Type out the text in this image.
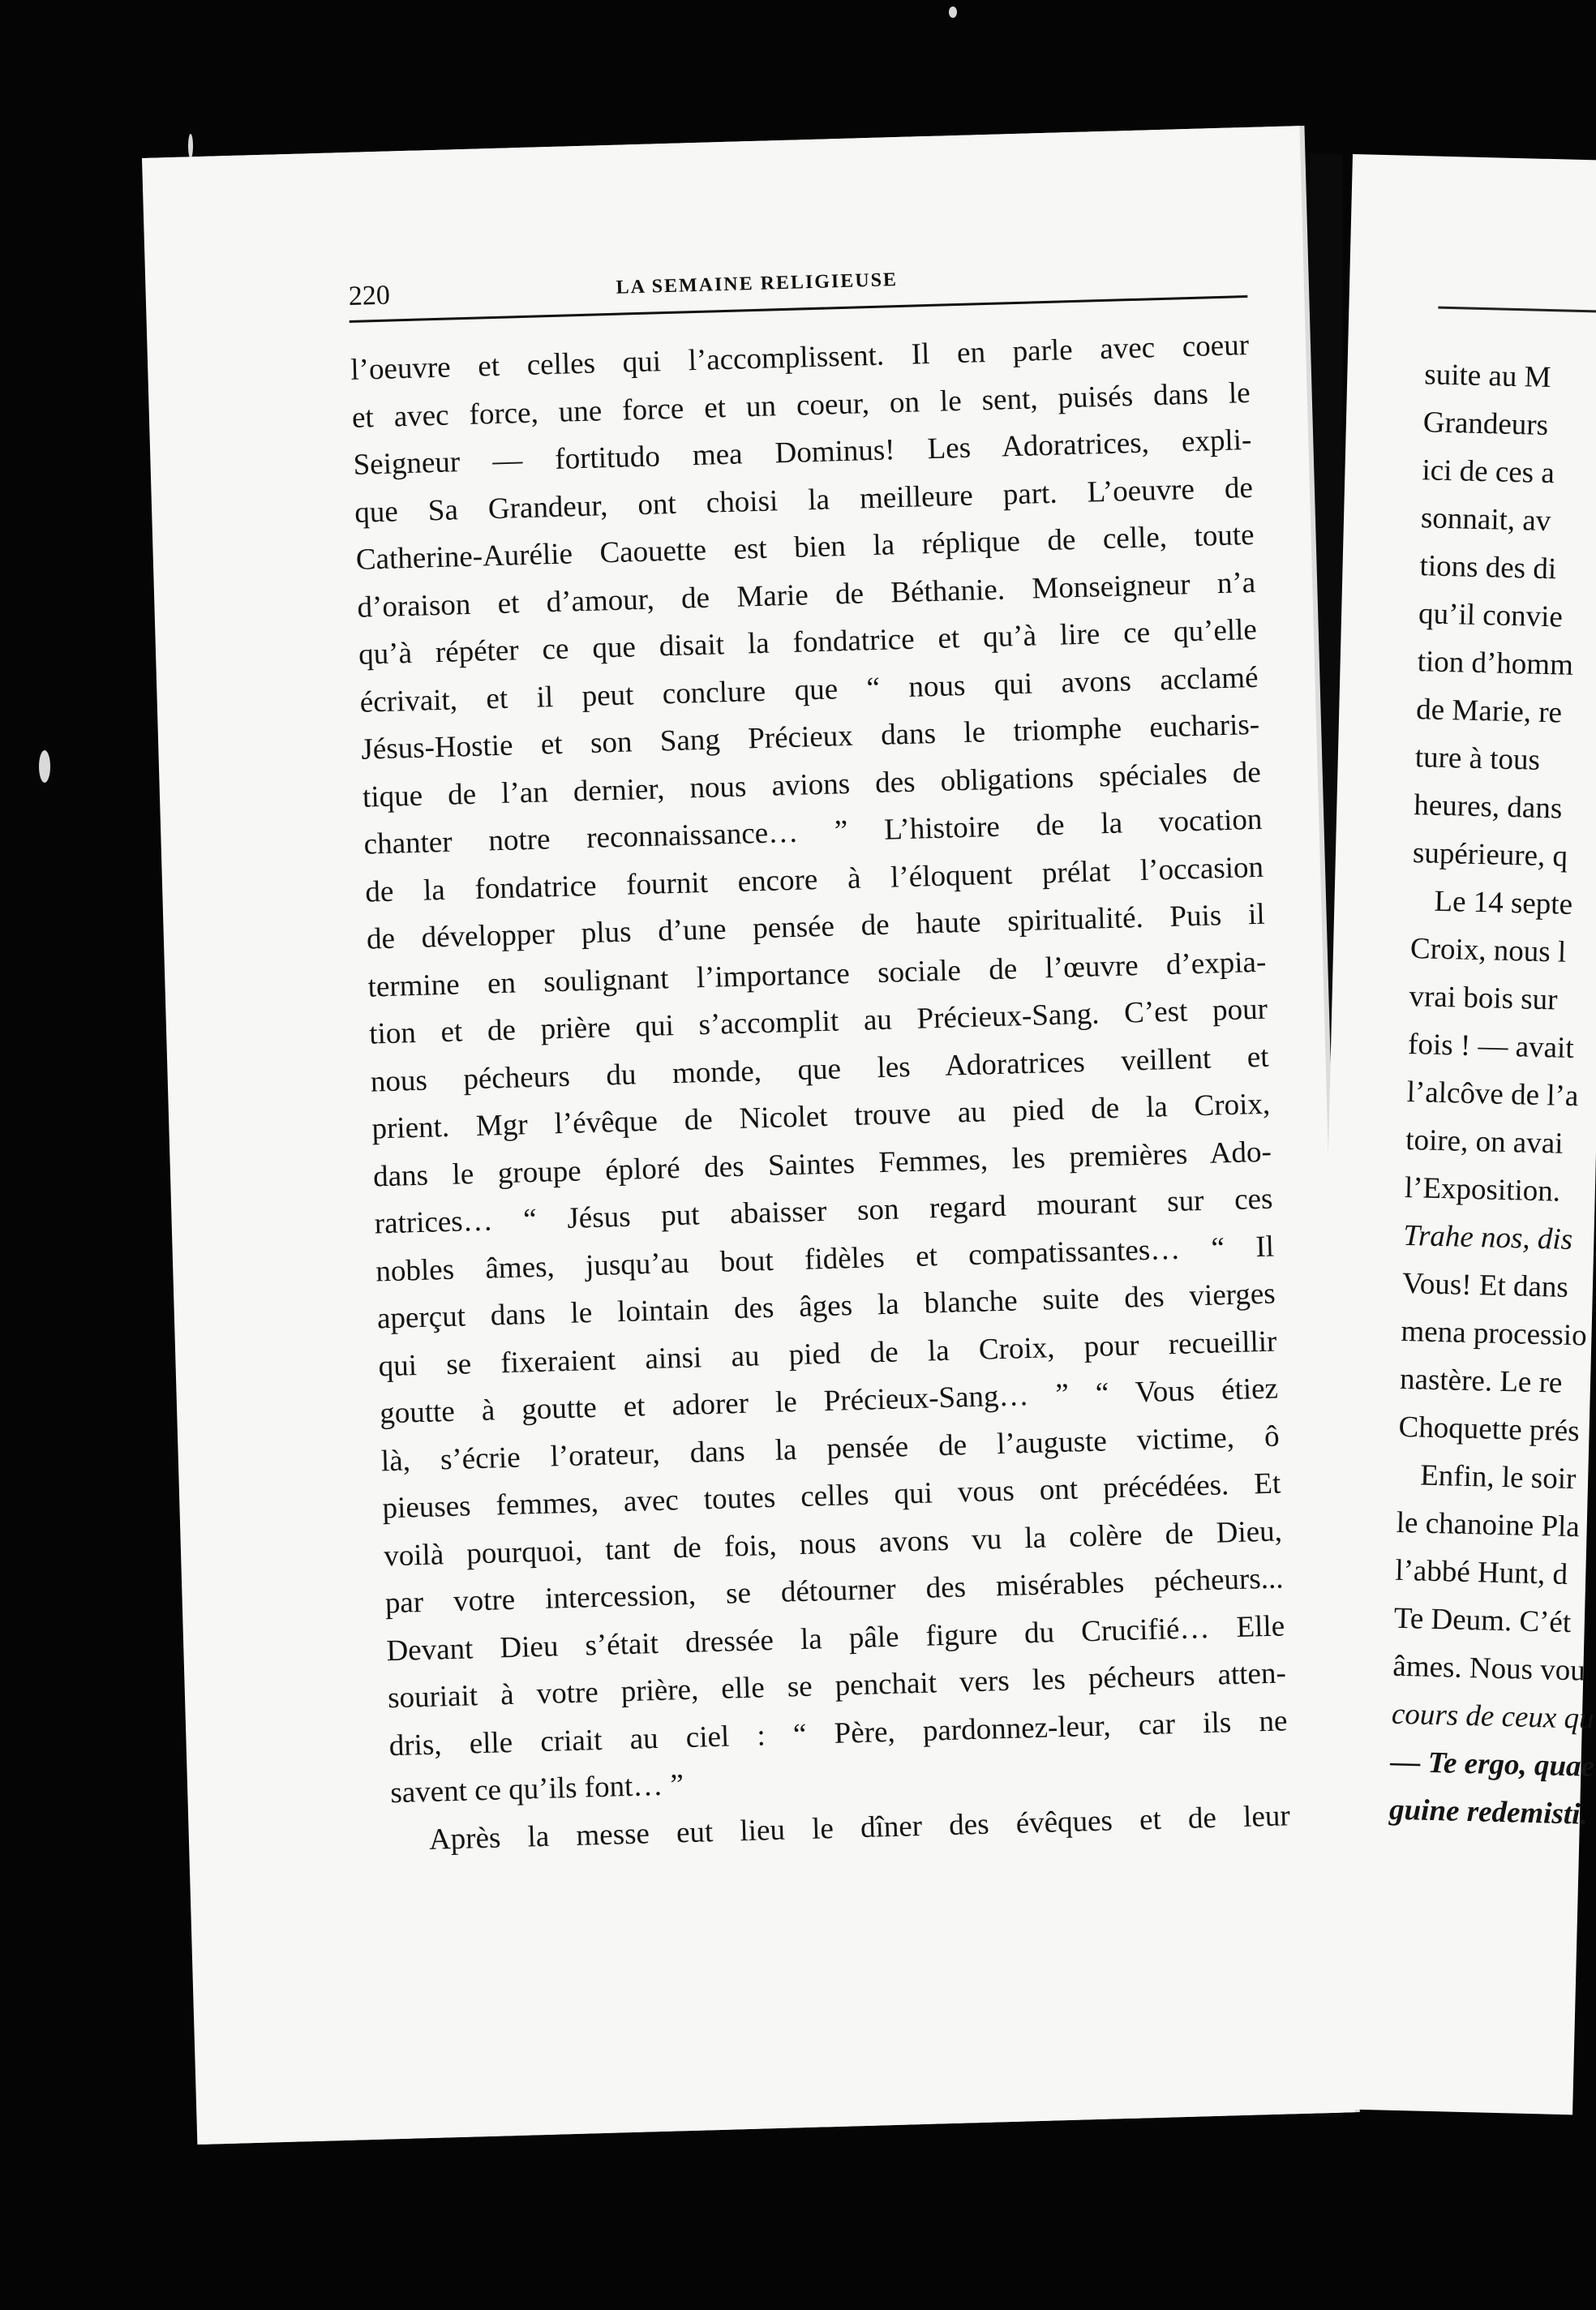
220	LA SEMAINE RELIGIEUSE
l’oeuvre et celles qui l’accomplissent. Il en parle avec coeur
et avec force, une force et un coeur, on le sent, puisés dans le
Seigneur — fortitudo mea Dominus! Les Adoratrices, expli-
que Sa Grandeur, ont choisi la meilleure part. L’oeuvre de
Catherine-Aurélie Caouette est bien la réplique de celle, toute
d’oraison et d’amour, de Marie de Béthanie. Monseigneur n’a
qu’à répéter ce que disait la fondatrice et qu’à lire ce qu’elle
écrivait, et il peut conclure que “ nous qui avons acclamé
Jésus-Hostie et son Sang Précieux dans le triomphe eucharis-
tique de l’an dernier, nous avions des obligations spéciales de
chanter notre reconnaissance… ” L’histoire de la vocation
de la fondatrice fournit encore à l’éloquent prélat l’occasion
de développer plus d’une pensée de haute spiritualité. Puis il
termine en soulignant l’importance sociale de l’œuvre d’expia-
tion et de prière qui s’accomplit au Précieux-Sang. C’est pour
nous pécheurs du monde, que les Adoratrices veillent et
prient. Mgr l’évêque de Nicolet trouve au pied de la Croix,
dans le groupe éploré des Saintes Femmes, les premières Ado-
ratrices… “ Jésus put abaisser son regard mourant sur ces
nobles âmes, jusqu’au bout fidèles et compatissantes… “ Il
aperçut dans le lointain des âges la blanche suite des vierges
qui se fixeraient ainsi au pied de la Croix, pour recueillir
goutte à goutte et adorer le Précieux-Sang… ” “ Vous étiez
là, s’écrie l’orateur, dans la pensée de l’auguste victime, ô
pieuses femmes, avec toutes celles qui vous ont précédées. Et
voilà pourquoi, tant de fois, nous avons vu la colère de Dieu,
par votre intercession, se détourner des misérables pécheurs...
Devant Dieu s’était dressée la pâle figure du Crucifié… Elle
souriait à votre prière, elle se penchait vers les pécheurs atten-
dris, elle criait au ciel : “ Père, pardonnez-leur, car ils ne
savent ce qu’ils font… ”
Après la messe eut lieu le dîner des évêques et de leur
suite au M
Grandeurs
ici de ces a
sonnait, av
tions des di
qu’il convie
tion d’homm
de Marie, re
ture à tous
heures, dans
supérieure, q
Le 14 septe
Croix, nous l
vrai bois sur
fois ! — avait
l’alcôve de l’a
toire, on avai
l’Exposition.
Trahe nos, dis
Vous! Et dans
mena processio
nastère. Le re
Choquette prés
Enfin, le soir
le chanoine Pla
l’abbé Hunt, d
Te Deum. C’ét
âmes. Nous vou
cours de ceux qu
— Te ergo, quae
guine redemisti.
